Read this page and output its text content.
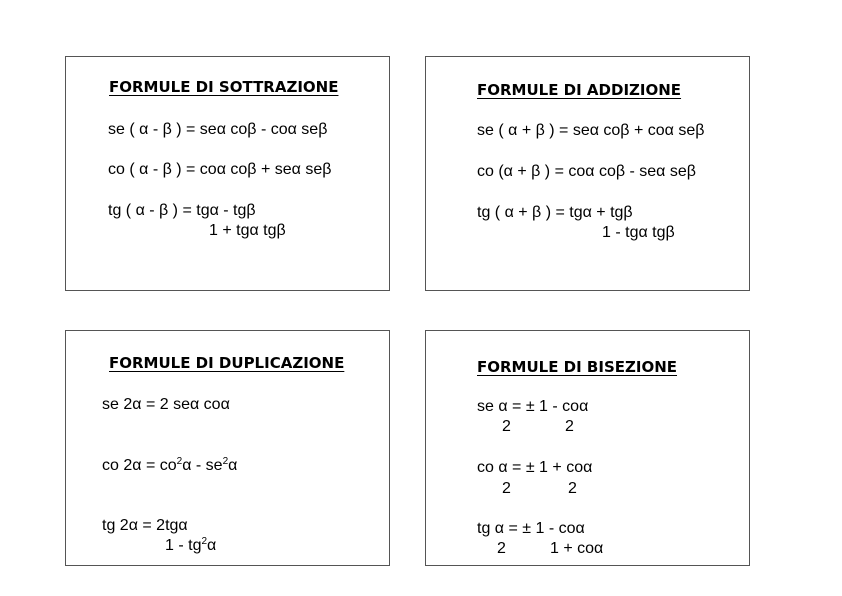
FORMULE DI SOTTRAZIONE
se ( α - β ) = seα coβ - coα seβ
co ( α - β ) = coα coβ + seα seβ
tg ( α - β ) = tgα - tgβ
1 + tgα tgβ
FORMULE DI ADDIZIONE
se ( α + β ) = seα coβ + coα seβ
co (α + β ) = coα coβ - seα seβ
tg ( α + β ) = tgα + tgβ
1 - tgα tgβ
FORMULE DI DUPLICAZIONE
se 2α = 2 seα coα
co $2\alpha = co^2\alpha - se^2\alpha$
tg 2α = 2tgα
$1 - tg^2\alpha$
FORMULE DI BISEZIONE
se α = ± 1 - coα
2	2
co α = ± 1 + coα
2	2
tg α = ± 1 - coα
2	1 + coα
